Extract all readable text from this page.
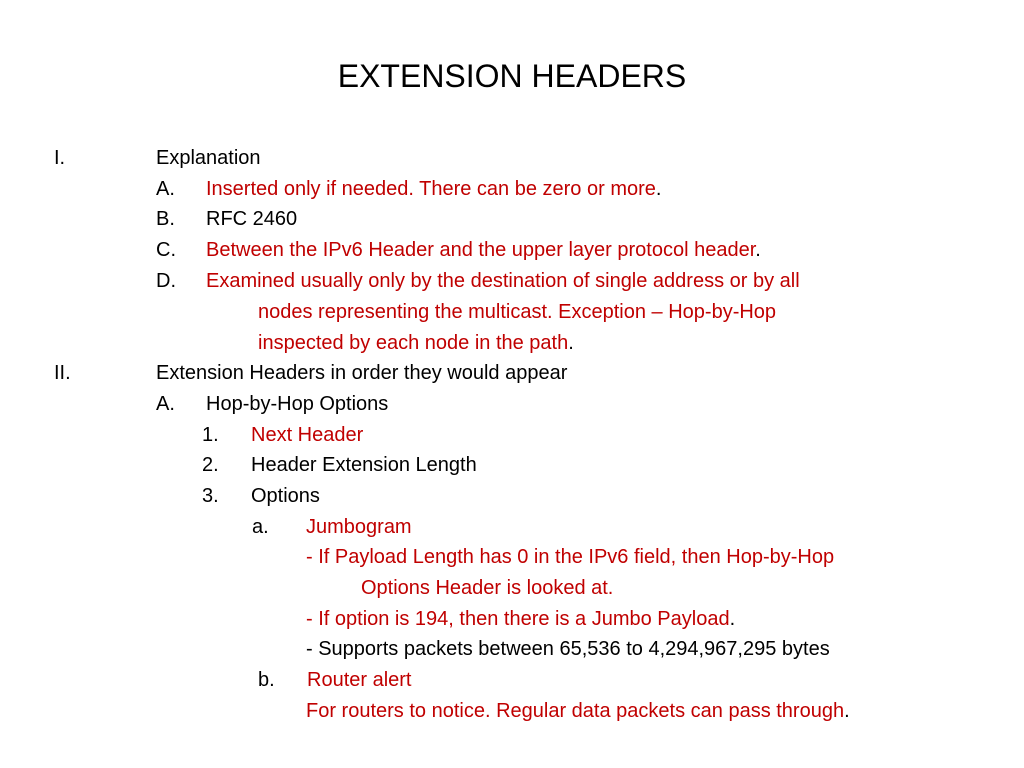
EXTENSION HEADERS
I.	Explanation
A. Inserted only if needed. There can be zero or more.
B. RFC 2460
C. Between the IPv6 Header and the upper layer protocol header.
D. Examined usually only by the destination of single address or by all
nodes representing the multicast. Exception – Hop-by-Hop
inspected by each node in the path.
II.	Extension Headers in order they would appear
A. Hop-by-Hop Options
1. Next Header
2. Header Extension Length
3. Options
a. Jumbogram
- If Payload Length has 0 in the IPv6 field, then Hop-by-Hop
Options Header is looked at.
- If option is 194, then there is a Jumbo Payload.
- Supports packets between 65,536 to 4,294,967,295 bytes
b. Router alert
For routers to notice. Regular data packets can pass through.
